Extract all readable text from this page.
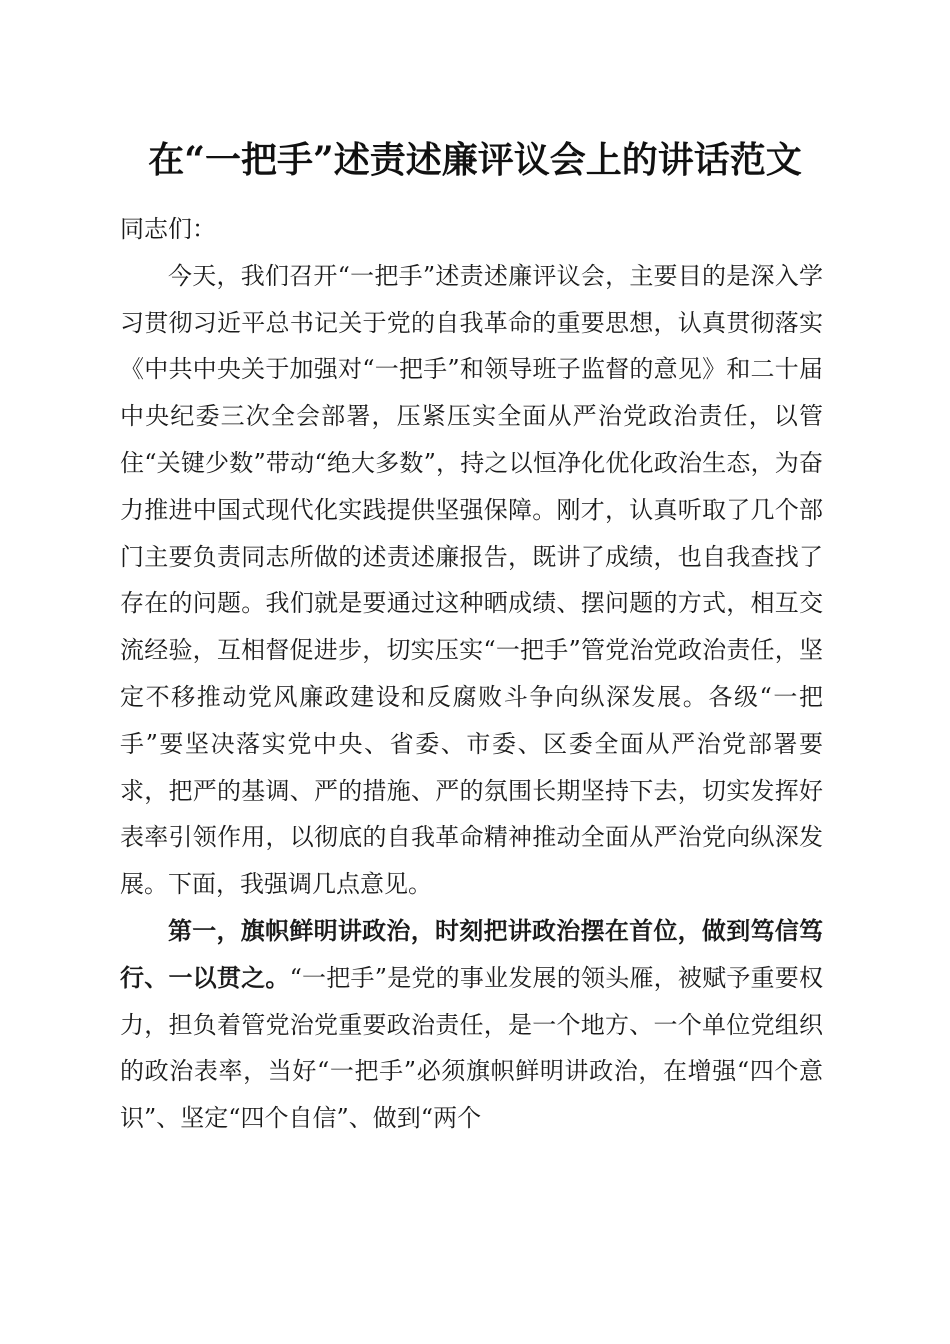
在“一把手”述责述廉评议会上的讲话范文

同志们：

今天，我们召开“一把手”述责述廉评议会，主要目的是深入学习贯彻习近平总书记关于党的自我革命的重要思想，认真贯彻落实《中共中央关于加强对“一把手”和领导班子监督的意见》和二十届中央纪委三次全会部署，压紧压实全面从严治党政治责任，以管住“关键少数”带动“绝大多数”，持之以恒净化优化政治生态，为奋力推进中国式现代化实践提供坚强保障。刚才，认真听取了几个部门主要负责同志所做的述责述廉报告，既讲了成绩，也自我查找了存在的问题。我们就是要通过这种晒成绩、摆问题的方式，相互交流经验，互相督促进步，切实压实“一把手”管党治党政治责任，坚定不移推动党风廉政建设和反腐败斗争向纵深发展。各级“一把手”要坚决落实党中央、省委、市委、区委全面从严治党部署要求，把严的基调、严的措施、严的氛围长期坚持下去，切实发挥好表率引领作用，以彻底的自我革命精神推动全面从严治党向纵深发展。下面，我强调几点意见。

第一，旗帜鲜明讲政治，时刻把讲政治摆在首位，做到笃信笃行、一以贯之。“一把手”是党的事业发展的领头雁，被赋予重要权力，担负着管党治党重要政治责任，是一个地方、一个单位党组织的政治表率，当好“一把手”必须旗帜鲜明讲政治，在增强“四个意识”、坚定“四个自信”、做到“两个
